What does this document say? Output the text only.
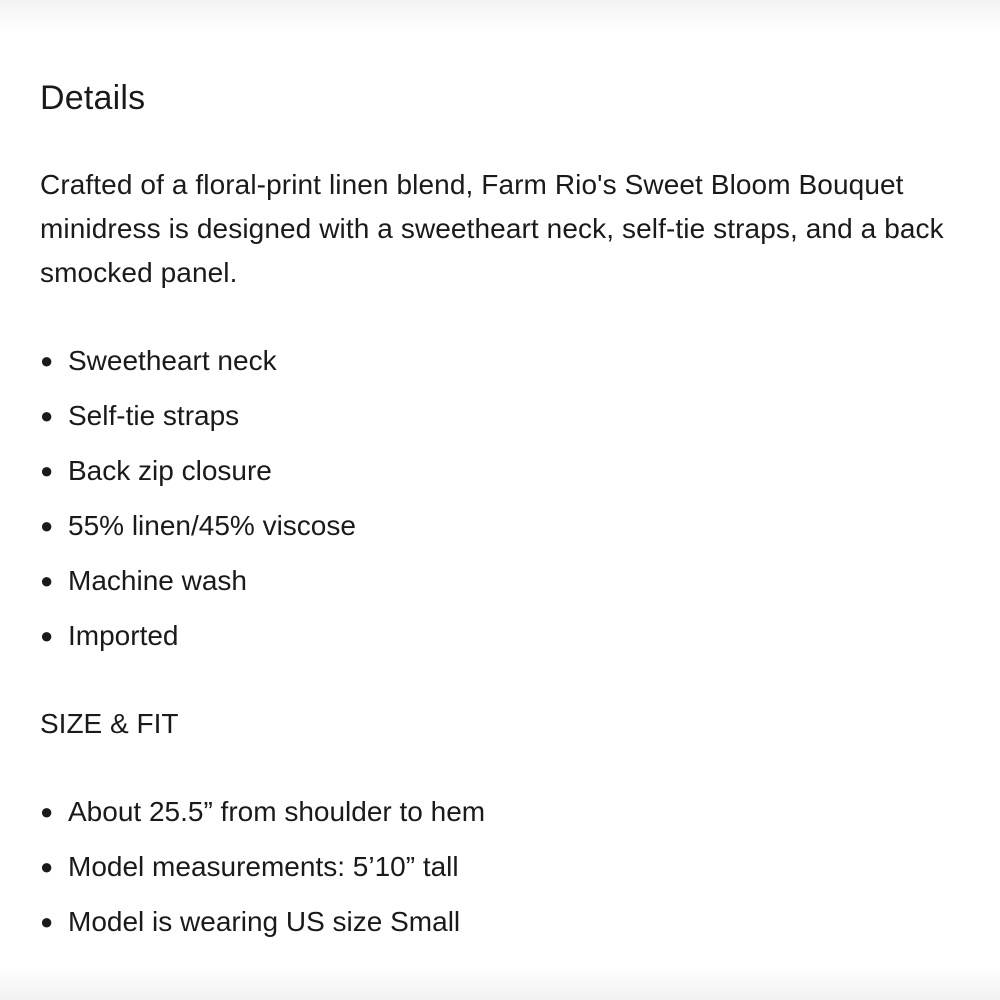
Details

Crafted of a floral-print linen blend, Farm Rio's Sweet Bloom Bouquet minidress is designed with a sweetheart neck, self-tie straps, and a back smocked panel.

● Sweetheart neck
● Self-tie straps
● Back zip closure
● 55% linen/45% viscose
● Machine wash
● Imported
SIZE & FIT
● About 25.5” from shoulder to hem
● Model measurements: 5’10” tall
● Model is wearing US size Small
